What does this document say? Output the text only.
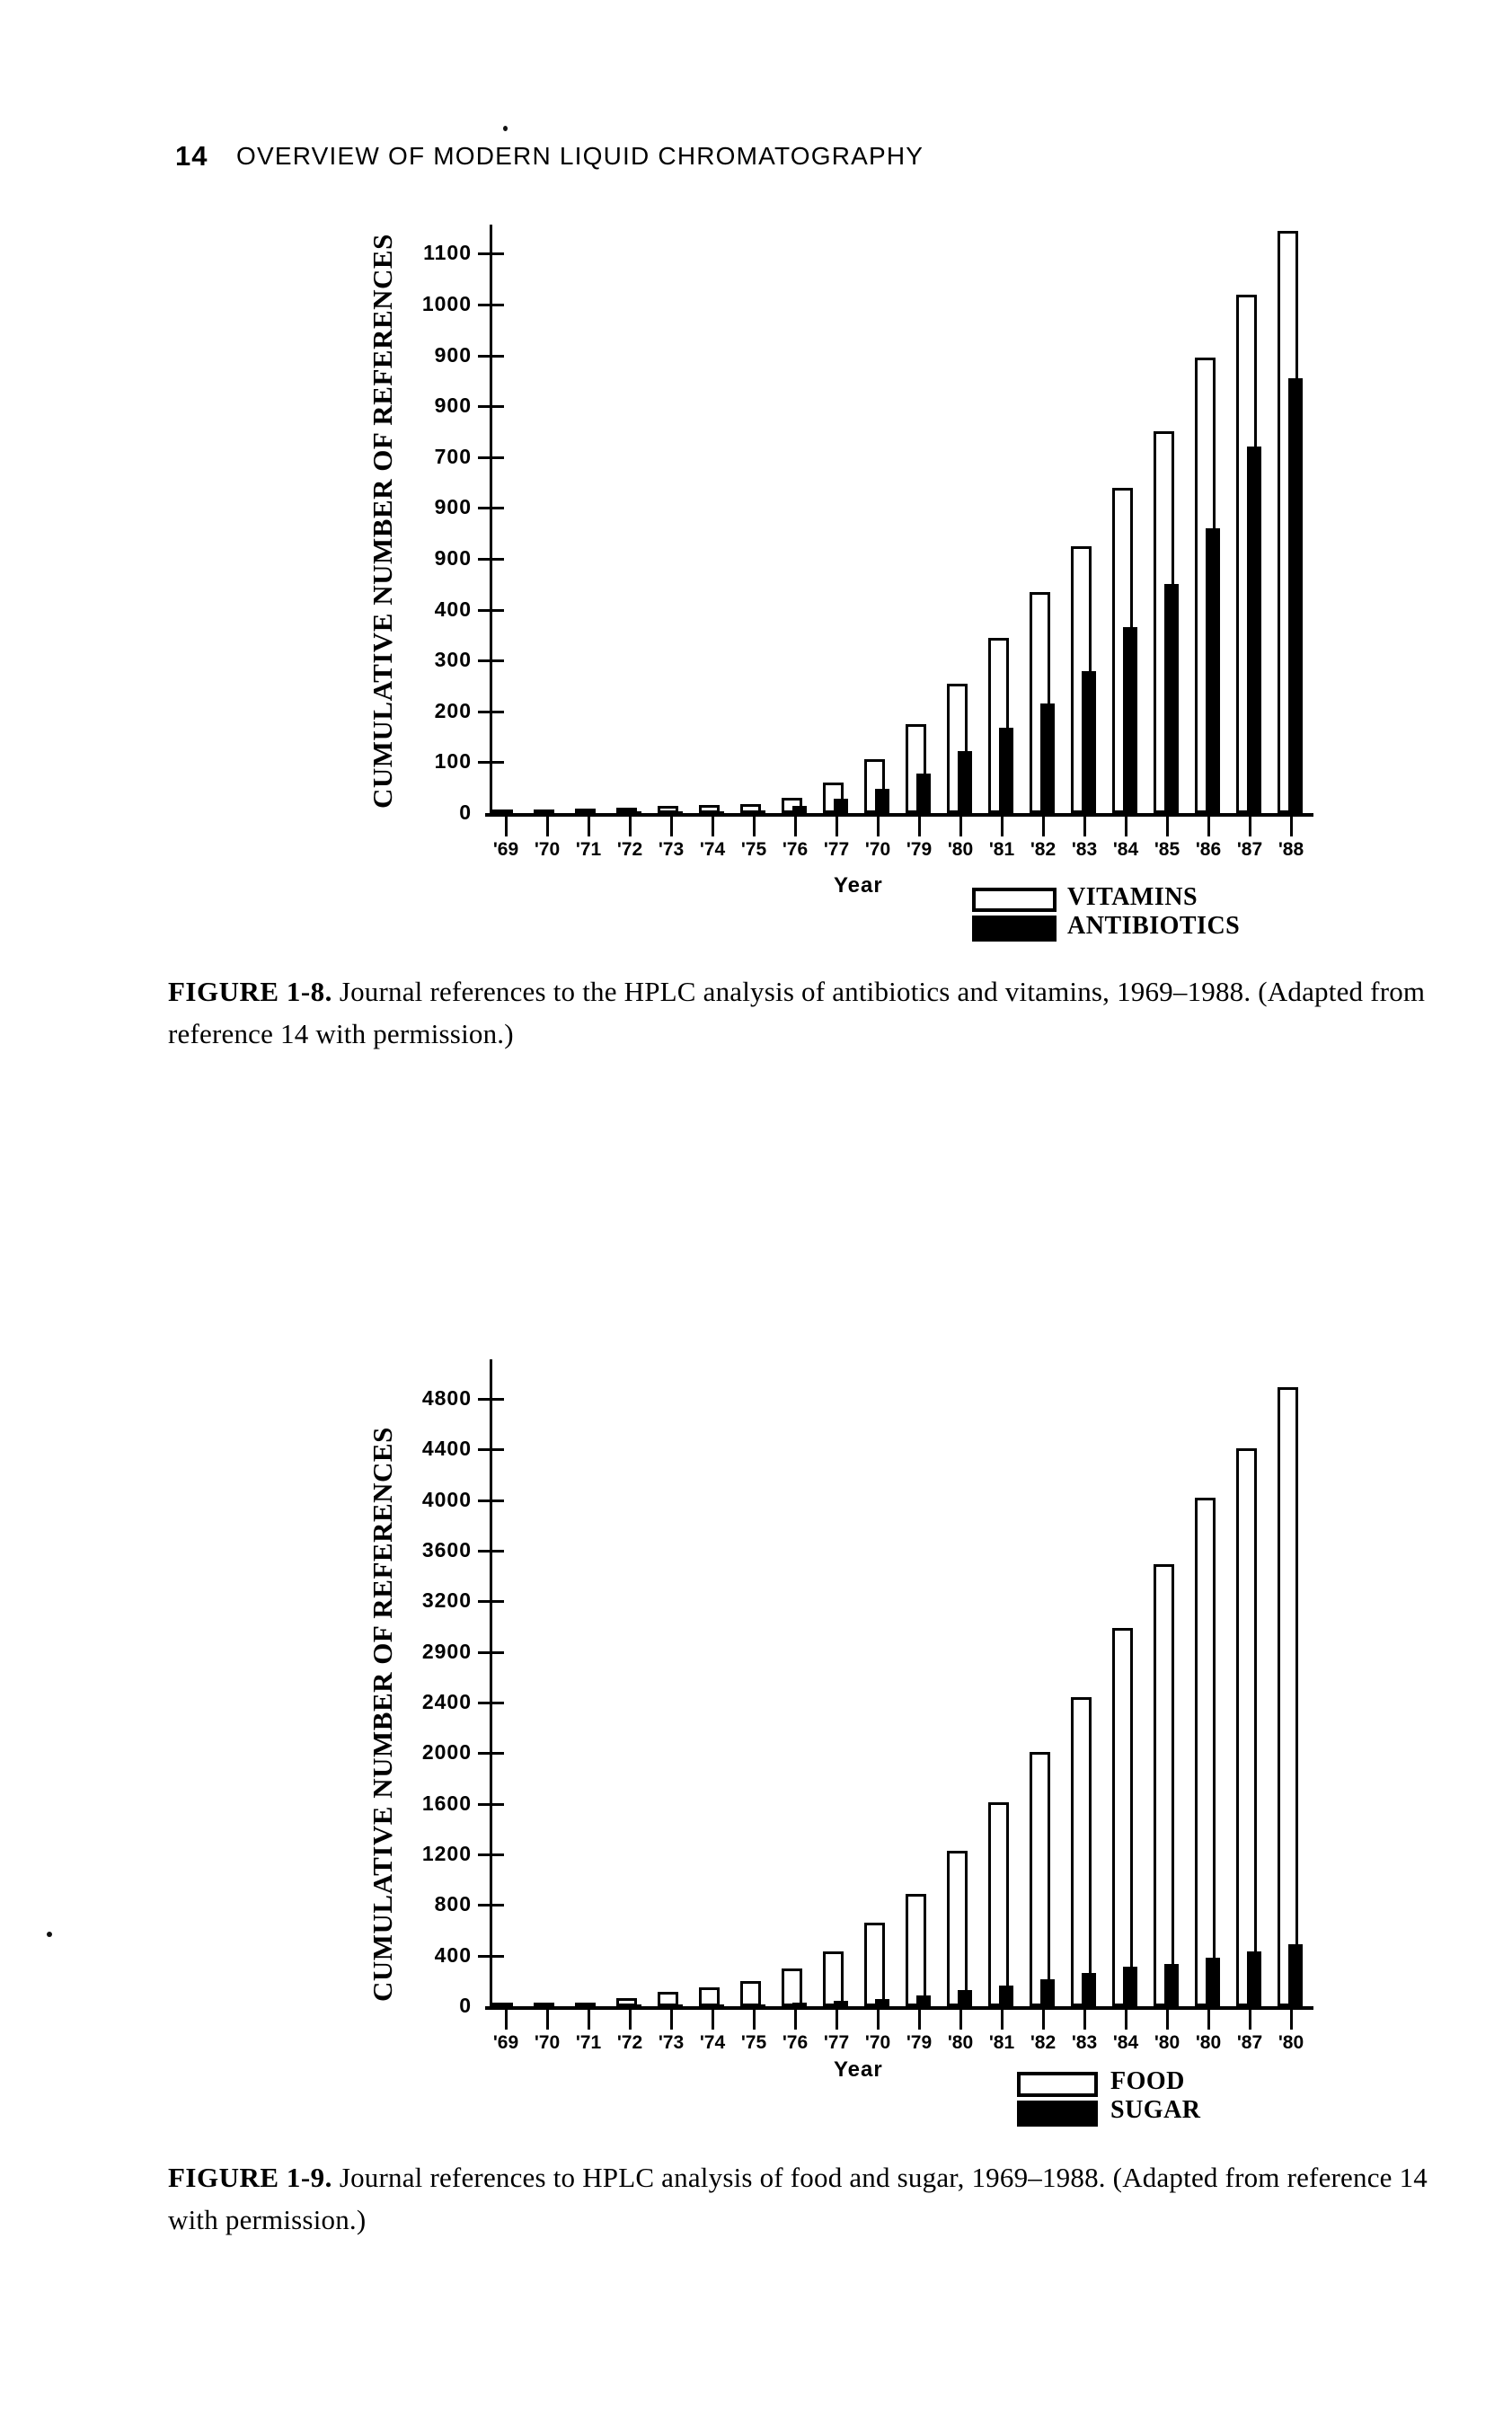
14 OVERVIEW OF MODERN LIQUID CHROMATOGRAPHY
CUMULATIVE NUMBER OF REFERENCES
CUMULATIVE NUMBER OF REFERENCES
1100
1000
900
900
700
900
900
400
300
200
100
0
'69 '70 '71 '72 '73 '74 '75 '76 '77 '70 '79 '80 '81 '82 '83 '84 '85 '86 '87 '88
4800
4400
4000
3600
3200
2900
2400
2000
1600
1200
800
400
0
'69 '70 '71 '72 '73 '74 '75 '76 '77 '70 '79 '80 '81 '82 '83 '84 '80 '80 '87 '80
Year
Year
VITAMINS
ANTIBIOTICS
FOOD
SUGAR
FIGURE 1-8. Journal references to the HPLC analysis of antibiotics and vitamins, 1969–1988. (Adapted from reference 14 with permission.)
FIGURE 1-9. Journal references to HPLC analysis of food and sugar, 1969–1988. (Adapted from reference 14 with permission.)
